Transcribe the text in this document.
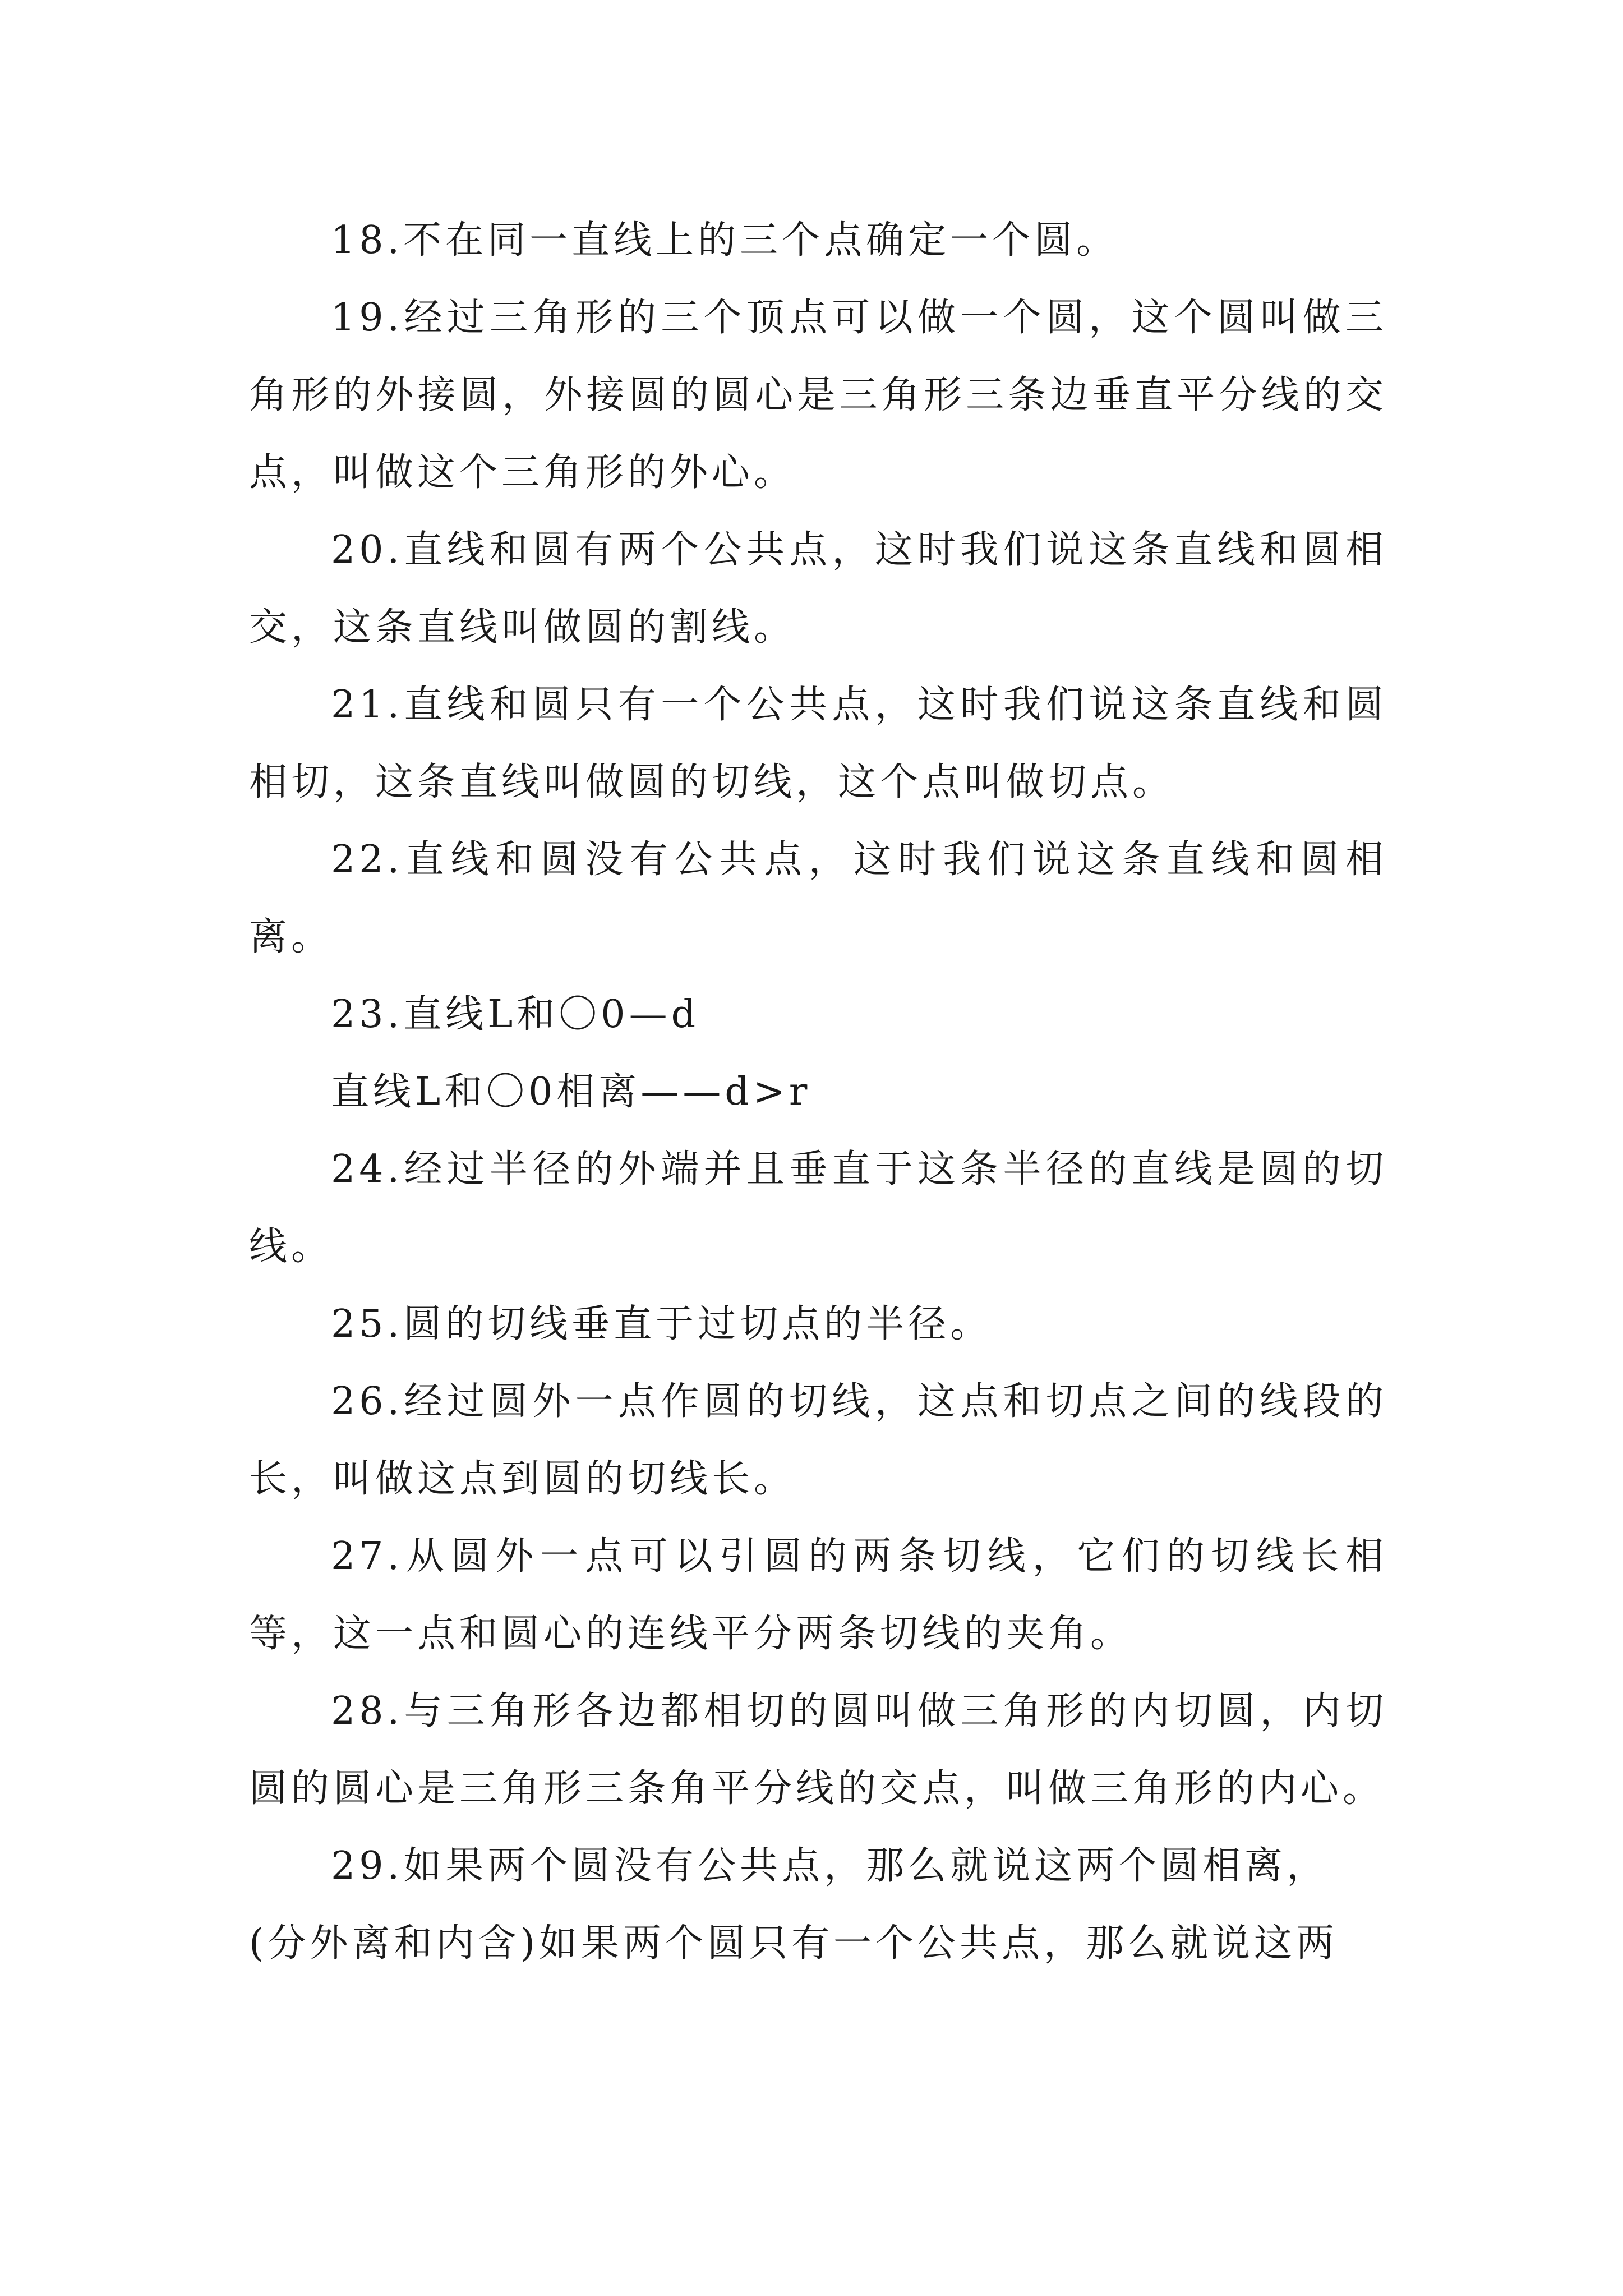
18.不在同一直线上的三个点确定一个圆。

19.经过三角形的三个顶点可以做一个圆，这个圆叫做三角形的外接圆，外接圆的圆心是三角形三条边垂直平分线的交点，叫做这个三角形的外心。

20.直线和圆有两个公共点，这时我们说这条直线和圆相交，这条直线叫做圆的割线。

21.直线和圆只有一个公共点，这时我们说这条直线和圆相切，这条直线叫做圆的切线，这个点叫做切点。

22.直线和圆没有公共点，这时我们说这条直线和圆相离。

23.直线L和〇0—d

直线L和〇0相离——d>r

24.经过半径的外端并且垂直于这条半径的直线是圆的切线。

25.圆的切线垂直于过切点的半径。

26.经过圆外一点作圆的切线，这点和切点之间的线段的长，叫做这点到圆的切线长。

27.从圆外一点可以引圆的两条切线，它们的切线长相等，这一点和圆心的连线平分两条切线的夹角。

28.与三角形各边都相切的圆叫做三角形的内切圆，内切圆的圆心是三角形三条角平分线的交点，叫做三角形的内心。

29.如果两个圆没有公共点，那么就说这两个圆相离，

(分外离和内含)如果两个圆只有一个公共点，那么就说这两
